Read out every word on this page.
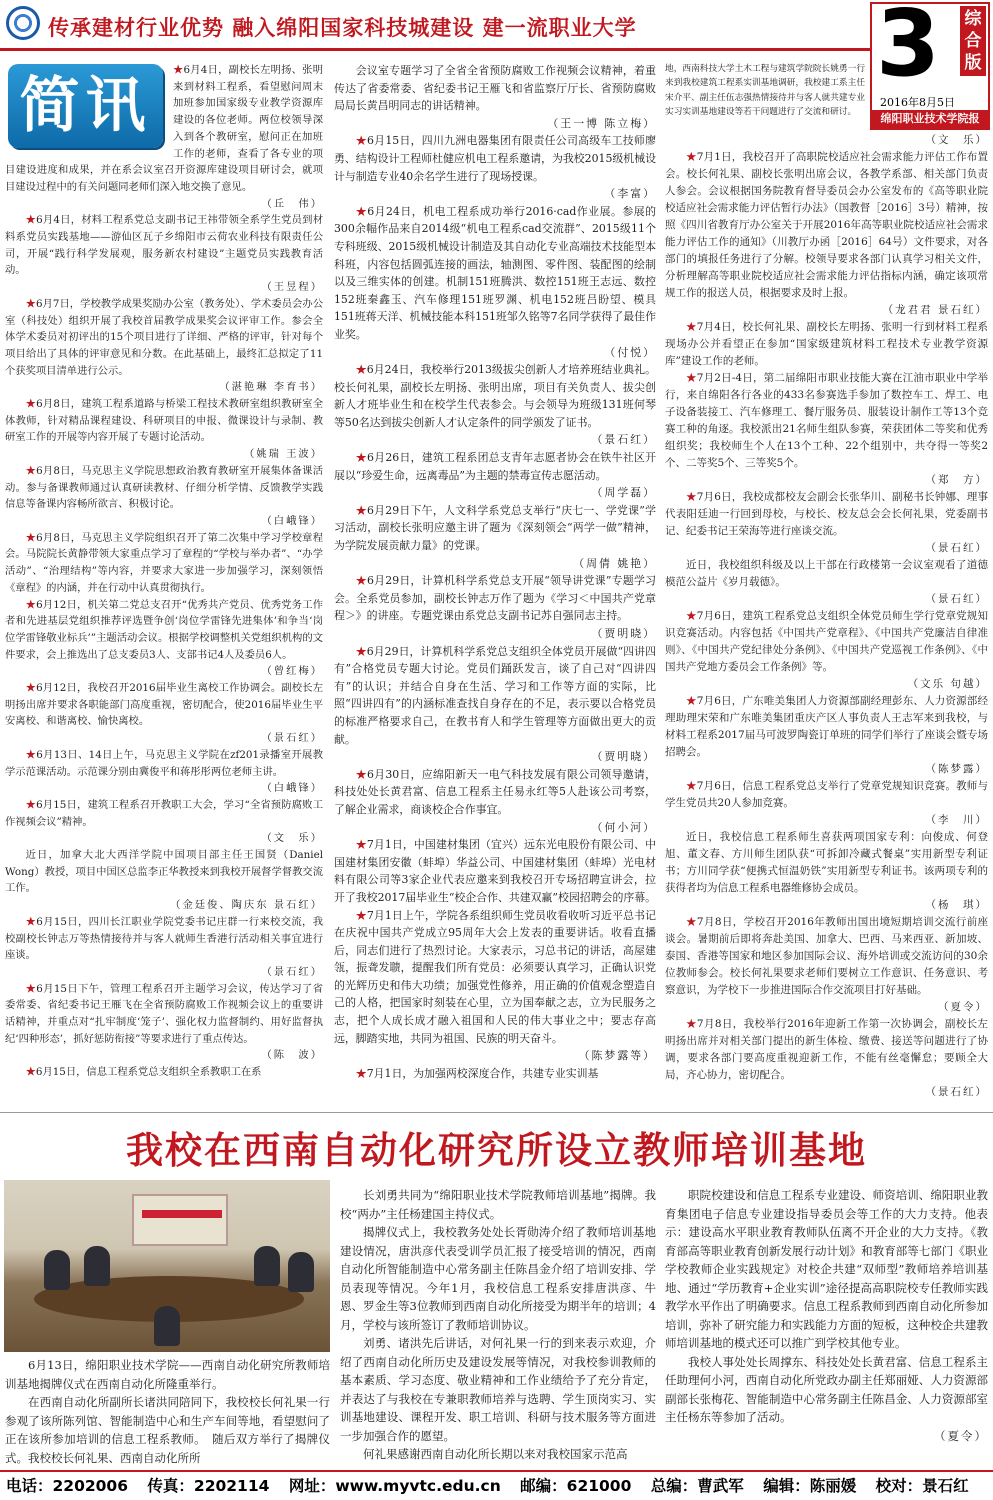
传承建材行业优势 融入绵阳国家科技城建设 建一流职业大学	3 综合版
2016年8月5日
绵阳职业技术学院报
简讯

★6月4日，副校长左明扬、张明来到材料工程系，看望慰问周末加班参加国家级专业教学资源库建设的各位老师。两位校领导深入到各个教研室，慰问正在加班工作的老师，查看了各专业的项目建设进度和成果，并在系会议室召开资源库建设项目研讨会，就项目建设过程中的有关问题同老师们深入地交换了意见。

（丘　伟）

★6月4日，材料工程系党总支副书记王祎带领全系学生党员到材料系党员实践基地——游仙区瓦子乡绵阳市云荷农业科技有限责任公司，开展“践行科学发展观，服务新农村建设”主题党员实践教育活动。

（王昱程）

★6月7日，学校教学成果奖励办公室（教务处）、学术委员会办公室（科技处）组织开展了我校首届教学成果奖会议评审工作。参会全体学术委员对初评出的15个项目进行了详细、严格的评审，针对每个项目给出了具体的评审意见和分数。在此基础上，最终汇总拟定了11个获奖项目清单进行公示。

（湛艳琳 李育书）

★6月8日，建筑工程系道路与桥梁工程技术教研室组织教研室全体教师，针对精品课程建设、科研项目的申报、微课设计与录制、教研室工作的开展等内容开展了专题讨论活动。

（姚瑞 王波）

★6月8日，马克思主义学院思想政治教育教研室开展集体备课活动。参与备课教师通过认真研读教材、仔细分析学情、反馈教学实践信息等备课内容畅所欲言、积极讨论。

（白峨锋）

★6月8日，马克思主义学院组织召开了第二次集中学习学校章程会。马院院长黄静带领大家重点学习了章程的“学校与举办者”、“办学活动”、“治理结构”等内容，并要求大家进一步加强学习，深刻领悟《章程》的内涵，并在行动中认真贯彻执行。

★6月12日，机关第二党总支召开“优秀共产党员、优秀党务工作者和先进基层党组织推荐评选暨争创‘岗位学雷锋先进集体’和争当‘岗位学雷锋敬业标兵’”主题活动会议。根据学校调整机关党组织机构的文件要求，会上推选出了总支委员3人、支部书记4人及委员6人。

（曾红梅）

★6月12日，我校召开2016届毕业生离校工作协调会。副校长左明扬出席并要求各职能部门高度重视，密切配合，使2016届毕业生平安离校、和谐离校、愉快离校。

（景石红）

★6月13日、14日上午，马克思主义学院在zf201录播室开展教学示范课活动。示范课分别由冀俊平和蒋彤彤两位老师主讲。

（白峨锋）

★6月15日，建筑工程系召开教职工大会，学习“全省预防腐败工作视频会议”精神。

（文　乐）

近日，加拿大北大西洋学院中国项目部主任王国贤（Daniel Wong）教授，项目中国区总监李正华教授来到我校开展督学督教交流工作。

（金廷俊、陶庆东 景石红）

★6月15日，四川长江职业学院党委书记庄群一行来校交流，我校副校长钟志万等热情接待并与客人就师生香港行活动相关事宜进行座谈。

（景石红）

★6月15日下午，管理工程系召开主题学习会议，传达学习了省委常委、省纪委书记王雁飞在全省预防腐败工作视频会议上的重要讲话精神，并重点对“扎牢制度‘笼子’、强化权力监督制约、用好监督执纪‘四种形态’，抓好惩防衔接”等要求进行了重点传达。

（陈　波）

★6月15日，信息工程系党总支组织全系教职工在系

会议室专题学习了全省全省预防腐败工作视频会议精神，着重传达了省委常委、省纪委书记王雁飞和省监察厅厅长、省预防腐败局局长黄昌明同志的讲话精神。

（王一博 陈立梅）

★6月15日，四川九洲电器集团有限责任公司高级车工技师廖勇、结构设计工程师杜健应机电工程系邀请，为我校2015级机械设计与制造专业40余名学生进行了现场授课。

（李富）

★6月24日，机电工程系成功举行2016·cad作业展。参展的300余幅作品来自2014级“机电工程系cad交流群”、2015级11个专科班级、2015级机械设计制造及其自动化专业高端技术技能型本科班，内容包括圆弧连接的画法，轴测图、零件图、装配图的绘制以及三维实体的创建。机制151班腾洪、数控151班王志远、数控152班秦鑫玉、汽车修理151班罗渊、机电152班吕盼望、模具151班蒋天洋、机械技能本科151班邹久铭等7名同学获得了最佳作业奖。

（付悦）

★6月24日，我校举行2013级拔尖创新人才培养班结业典礼。校长何礼果，副校长左明扬、张明出席，项目有关负责人、拔尖创新人才班毕业生和在校学生代表参会。与会领导为班级131班何琴等50名达到拔尖创新人才认定条件的同学颁发了证书。

（景石红）

★6月26日，建筑工程系团总支青年志愿者协会在铁牛社区开展以“珍爱生命，远离毒品”为主题的禁毒宣传志愿活动。

（周学磊）

★6月29日下午，人文科学系党总支举行“庆七一、学党课”学习活动，副校长张明应邀主讲了题为《深刻领会“两学一做”精神，为学院发展贡献力量》的党课。

（周倩 姚艳）

★6月29日，计算机科学系党总支开展“领导讲党课”专题学习会。全系党员参加，副校长钟志万作了题为《学习＜中国共产党章程＞》的讲座。专题党课由系党总支副书记苏自强同志主持。

（贾明晓）

★6月29日，计算机科学系党总支组织全体党员开展做“四讲四有”合格党员专题大讨论。党员们踊跃发言，谈了自己对“四讲四有”的认识；并结合自身在生活、学习和工作等方面的实际，比照“四讲四有”的内涵标准查找自身存在的不足，表示要以合格党员的标准严格要求自己，在教书育人和学生管理等方面做出更大的贡献。

（贾明晓）

★6月30日，应绵阳新天一电气科技发展有限公司领导邀请，科技处处长黄君富、信息工程系主任易永红等5人赴该公司考察，了解企业需求，商谈校企合作事宜。

（何小河）

★7月1日，中国建材集团（宜兴）远东光电股份有限公司、中国建材集团安徽（蚌埠）华益公司、中国建材集团（蚌埠）光电材料有限公司等3家企业代表应邀来到我校召开专场招聘宣讲会，拉开了我校2017届毕业生“校企合作、共建双赢”校园招聘会的序幕。

★7月1日上午，学院各系组织师生党员收看收听习近平总书记在庆祝中国共产党成立95周年大会上发表的重要讲话。收看直播后，同志们进行了热烈讨论。大家表示，习总书记的讲话，高屋建瓴，振聋发聩，提醒我们所有党员：必须要认真学习，正确认识党的光辉历史和伟大功绩；加强党性修养，用正确的价值观念塑造自己的人格，把国家时刻装在心里，立为国奉献之志，立为民服务之志，把个人成长成才融入祖国和人民的伟大事业之中；要志存高远，脚踏实地，共同为祖国、民族的明天奋斗。

（陈梦露等）

★7月1日，为加强两校深度合作，共建专业实训基

地，西南科技大学土木工程与建筑学院院长姚勇一行来到我校建筑工程系实训基地调研，我校建工系主任宋介平、副主任伍志强热情接待并与客人就共建专业实习实训基地建设等若干问题进行了交流和研讨。
（文　乐）

★7月1日，我校召开了高职院校适应社会需求能力评估工作布置会。校长何礼果、副校长张明出席会议，各教学系部、相关部门负责人参会。会议根据国务院教育督导委员会办公室发布的《高等职业院校适应社会需求能力评估暂行办法》（国教督［2016］3号）精神，按照《四川省教育厅办公室关于开展2016年高等职业院校适应社会需求能力评估工作的通知》（川教厅办函［2016］64号）文件要求，对各部门的填报任务进行了分解。校领导要求各部门认真学习相关文件，分析理解高等职业院校适应社会需求能力评估指标内涵，确定该项常规工作的报送人员，根据要求及时上报。

（龙君君 景石红）

★7月4日，校长何礼果、副校长左明扬、张明一行到材料工程系现场办公并看望正在参加“国家级建筑材料工程技术专业教学资源库”建设工作的老师。

★7月2日-4日，第二届绵阳市职业技能大赛在江油市职业中学举行，来自绵阳各行各业的433名参赛选手参加了数控车工、焊工、电子设备装接工、汽车修理工、餐厅服务员、服装设计制作工等13个竞赛工种的角逐。我校派出21名师生组队参赛，荣获团体二等奖和优秀组织奖；我校师生个人在13个工种、22个组别中，共夺得一等奖2个、二等奖5个、三等奖5个。

（郑　方）

★7月6日，我校成都校友会副会长张华川、副秘书长钟娜、理事代表阳廷迪一行回到母校，与校长、校友总会会长何礼果，党委副书记、纪委书记王荣海等进行座谈交流。

（景石红）

近日，我校组织科级及以上干部在行政楼第一会议室观看了道德模范公益片《岁月载德》。

（景石红）

★7月6日，建筑工程系党总支组织全体党员师生学行党章党规知识竞赛活动。内容包括《中国共产党章程》、《中国共产党廉洁自律准则》、《中国共产党纪律处分条例》、《中国共产党巡视工作条例》、《中国共产党地方委员会工作条例》等。

（文乐 句越）

★7月6日，广东唯美集团人力资源部副经理彭东、人力资源部经理助理宋荣和广东唯美集团重庆产区人事负责人王志军来到我校，与材料工程系2017届马可波罗陶瓷订单班的同学们举行了座谈会暨专场招聘会。

（陈梦露）

★7月6日，信息工程系党总支举行了党章党规知识竞赛。教师与学生党员共20人参加竞赛。

（李　川）

近日，我校信息工程系师生喜获两项国家专利：向俊成、何登旭、董文春、方川师生团队获“可拆卸冷藏式餐桌”实用新型专利证书；方川同学获“便携式恒温奶铁”实用新型专利证书。该两项专利的获得者均为信息工程系电器维修协会成员。

（杨　琪）

★7月8日，学校召开2016年教师出国出境短期培训交流行前座谈会。暑期前后即将奔赴美国、加拿大、巴西、马来西亚、新加坡、泰国、香港等国家和地区参加国际会议、海外培训或交流访问的30余位教师参会。校长何礼果要求老师们要树立工作意识、任务意识、考察意识，为学校下一步推进国际合作交流项目打好基础。

（夏令）

★7月8日，我校举行2016年迎新工作第一次协调会，副校长左明扬出席并对相关部门提出的新生体检、缴费、接送等问题进行了协调，要求各部门要高度重视迎新工作，不能有丝毫懈怠；要顾全大局，齐心协力，密切配合。

（景石红）
我校在西南自动化研究所设立教师培训基地

6月13日，绵阳职业技术学院——西南自动化研究所教师培训基地揭牌仪式在西南自动化所隆重举行。

在西南自动化所副所长诸洪同陪同下，我校校长何礼果一行参观了该所陈列馆、智能制造中心和生产车间等地，看望慰问了正在该所参加培训的信息工程系教师。　随后双方举行了揭牌仪式。我校校长何礼果、西南自动化所所

长刘勇共同为“绵阳职业技术学院教师培训基地”揭牌。我校“两办”主任杨建国主持仪式。

揭牌仪式上，我校教务处处长胥勋涛介绍了教师培训基地建设情况，唐洪彦代表受训学员汇报了接受培训的情况，西南自动化所智能制造中心常务副主任陈昌金介绍了培训安排、学员表现等情况。今年1月，我校信息工程系安排唐洪彦、牛恩、罗金生等3位教师到西南自动化所接受为期半年的培训；4月，学校与该所签订了教师培训协议。

刘勇、诸洪先后讲话，对何礼果一行的到来表示欢迎，介绍了西南自动化所历史及建设发展等情况，对我校参训教师的基本素质、学习态度、敬业精神和工作业绩给予了充分肯定，并表达了与我校在专兼职教师培养与选聘、学生顶岗实习、实训基地建设、课程开发、职工培训、科研与技术服务等方面进一步加强合作的愿望。

何礼果感谢西南自动化所长期以来对我校国家示范高

职院校建设和信息工程系专业建设、师资培训、绵阳职业教育集团电子信息专业建设指导委员会等工作的大力支持。他表示：建设高水平职业教育教师队伍离不开企业的大力支持。《教育部高等职业教育创新发展行动计划》和教育部等七部门《职业学校教师企业实践规定》对校企共建“双师型”教师培养培训基地、通过“学历教育+企业实训”途径提高高职院校专任教师实践教学水平作出了明确要求。信息工程系教师到西南自动化所参加培训，弥补了研究能力和实践能力方面的短板，这种校企共建教师培训基地的模式还可以推广到学校其他专业。

我校人事处处长周撑东、科技处处长黄君富、信息工程系主任助理何小河，西南自动化所党政办副主任郑丽娅、人力资源部副部长张梅花、智能制造中心常务副主任陈昌金、人力资源部室主任杨东等参加了活动。

（夏令）
电话：2202006 传真：2202114 网址：www.myvtc.edu.cn 邮编：621000 总编：曹武军 编辑：陈丽媛 校对：景石红
